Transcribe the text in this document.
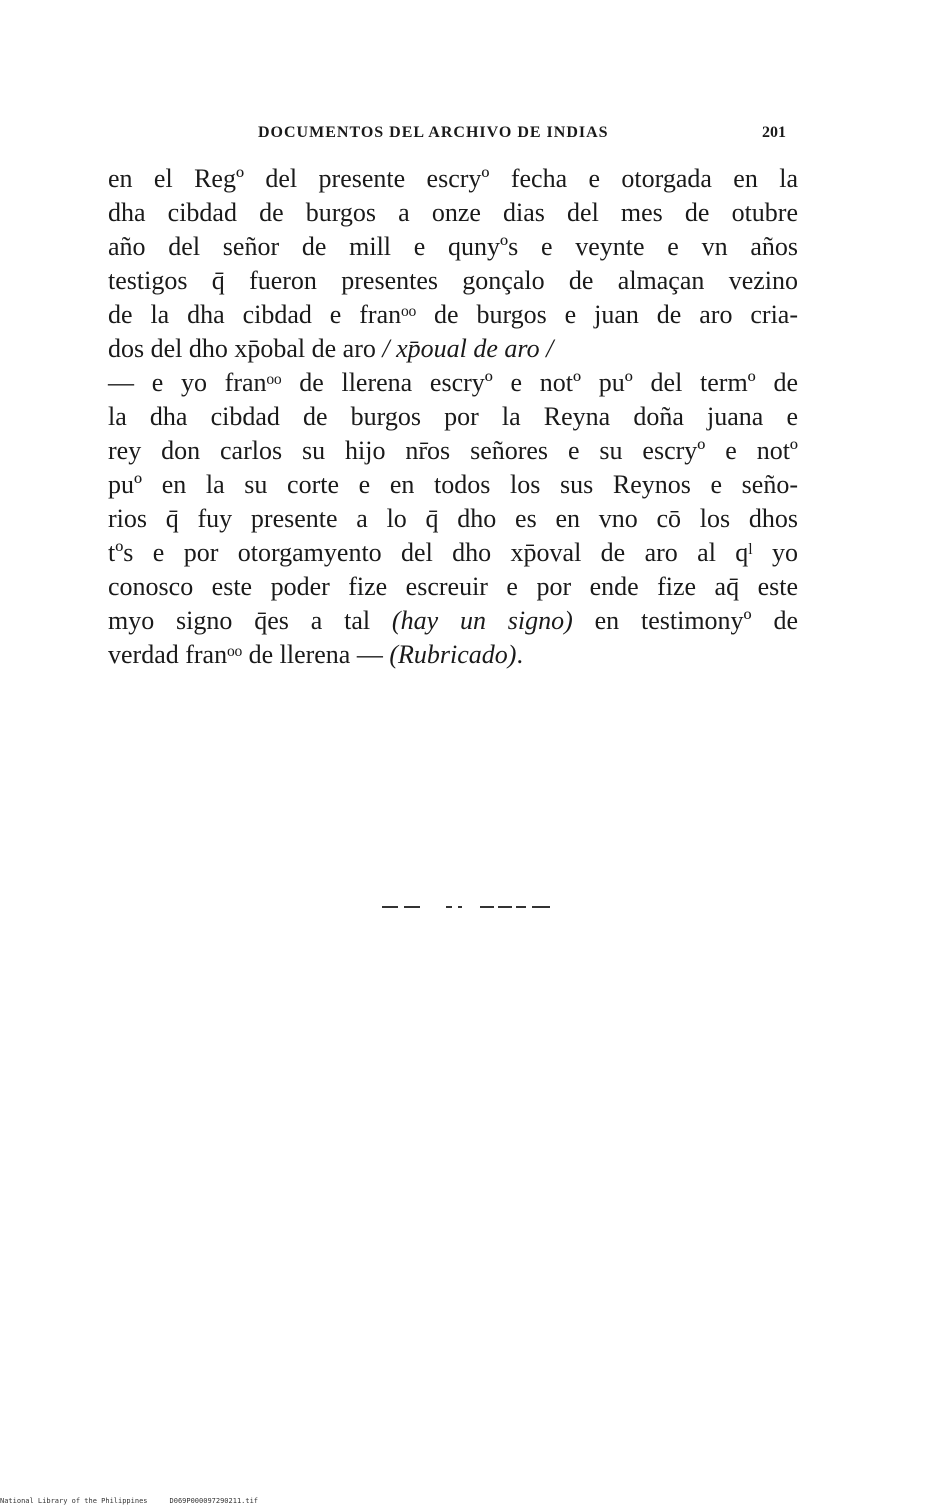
DOCUMENTOS DEL ARCHIVO DE INDIAS	201
en el Regº del presente escryº fecha e otorgada en la
dha cibdad de burgos a onze dias del mes de otubre
año del señor de mill e qunyºs e veynte e vn años
testigos q̄ fueron presentes gonçalo de almaçan vezino
de la dha cibdad e franᵒᵒ de burgos e juan de aro cria-
dos del dho xp̄obal de aro / xp̄oual de aro /
— e yo franᵒᵒ de llerena escryº e notº puº del termº de
la dha cibdad de burgos por la Reyna doña juana e
rey don carlos su hijo nr̄os señores e su escryº e notº
puº en la su corte e en todos los sus Reynos e seño-
rios q̄ fuy presente a lo q̄ dho es en vno cō los dhos
tºs e por otorgamyento del dho xp̄oval de aro al qˡ yo
conosco este poder fize escreuir e por ende fize aq̄ este
myo signo q̄es a tal (hay un signo) en testimonyº de
verdad franᵒᵒ de llerena — (Rubricado).
National Library of the Philippines	D069P000097290211.tif
